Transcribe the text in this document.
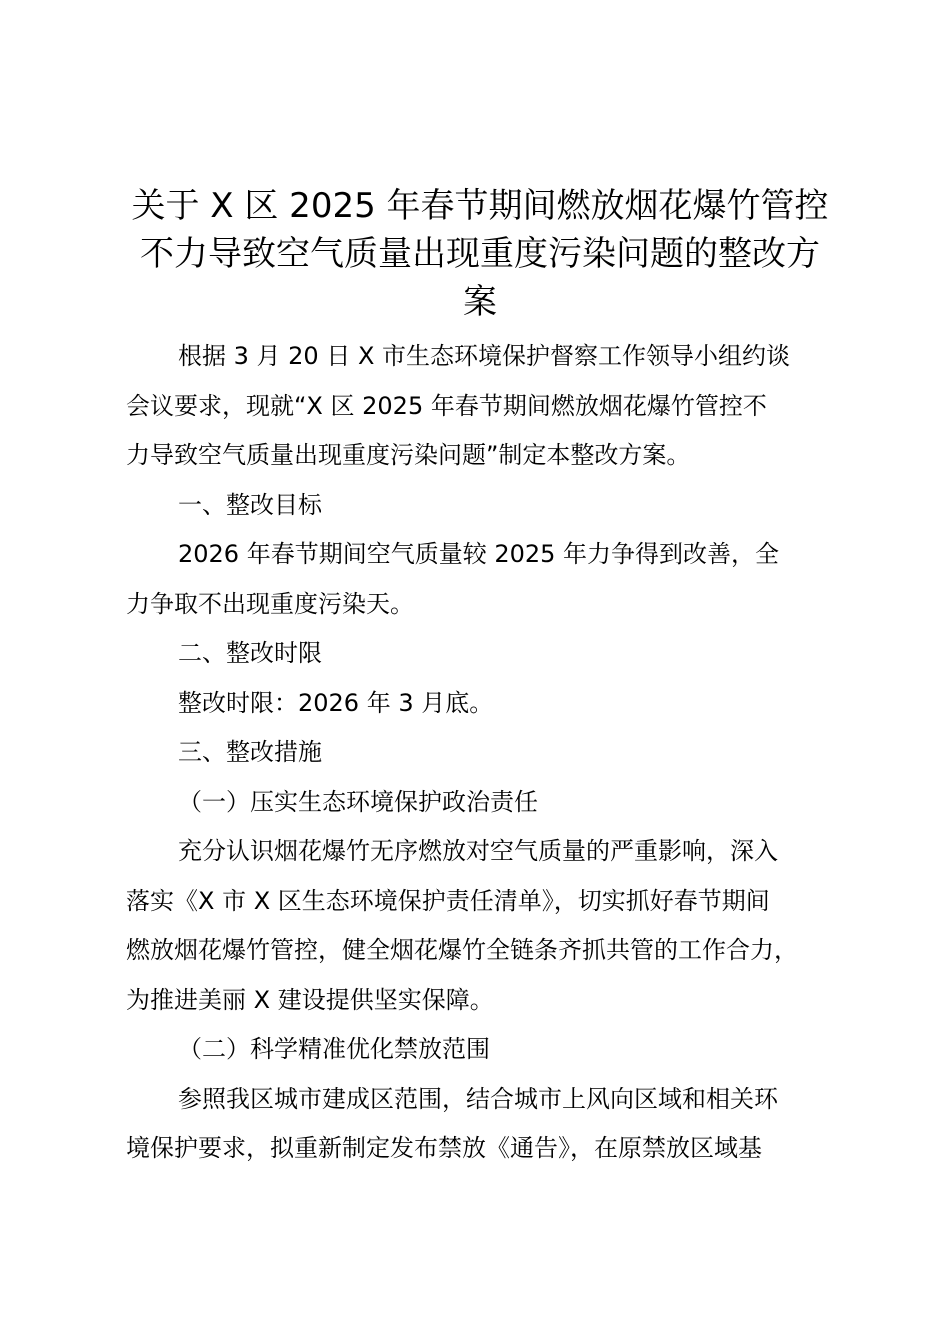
关于 X 区 2025 年春节期间燃放烟花爆竹管控
不力导致空气质量出现重度污染问题的整改方
案
根据 3 月 20 日 X 市生态环境保护督察工作领导小组约谈
会议要求，现就“X 区 2025 年春节期间燃放烟花爆竹管控不
力导致空气质量出现重度污染问题”制定本整改方案。
一、整改目标
2026 年春节期间空气质量较 2025 年力争得到改善，全
力争取不出现重度污染天。
二、整改时限
整改时限：2026 年 3 月底。
三、整改措施
（一）压实生态环境保护政治责任
充分认识烟花爆竹无序燃放对空气质量的严重影响，深入
落实《X 市 X 区生态环境保护责任清单》，切实抓好春节期间
燃放烟花爆竹管控，健全烟花爆竹全链条齐抓共管的工作合力，
为推进美丽 X 建设提供坚实保障。
（二）科学精准优化禁放范围
参照我区城市建成区范围，结合城市上风向区域和相关环
境保护要求，拟重新制定发布禁放《通告》，在原禁放区域基
